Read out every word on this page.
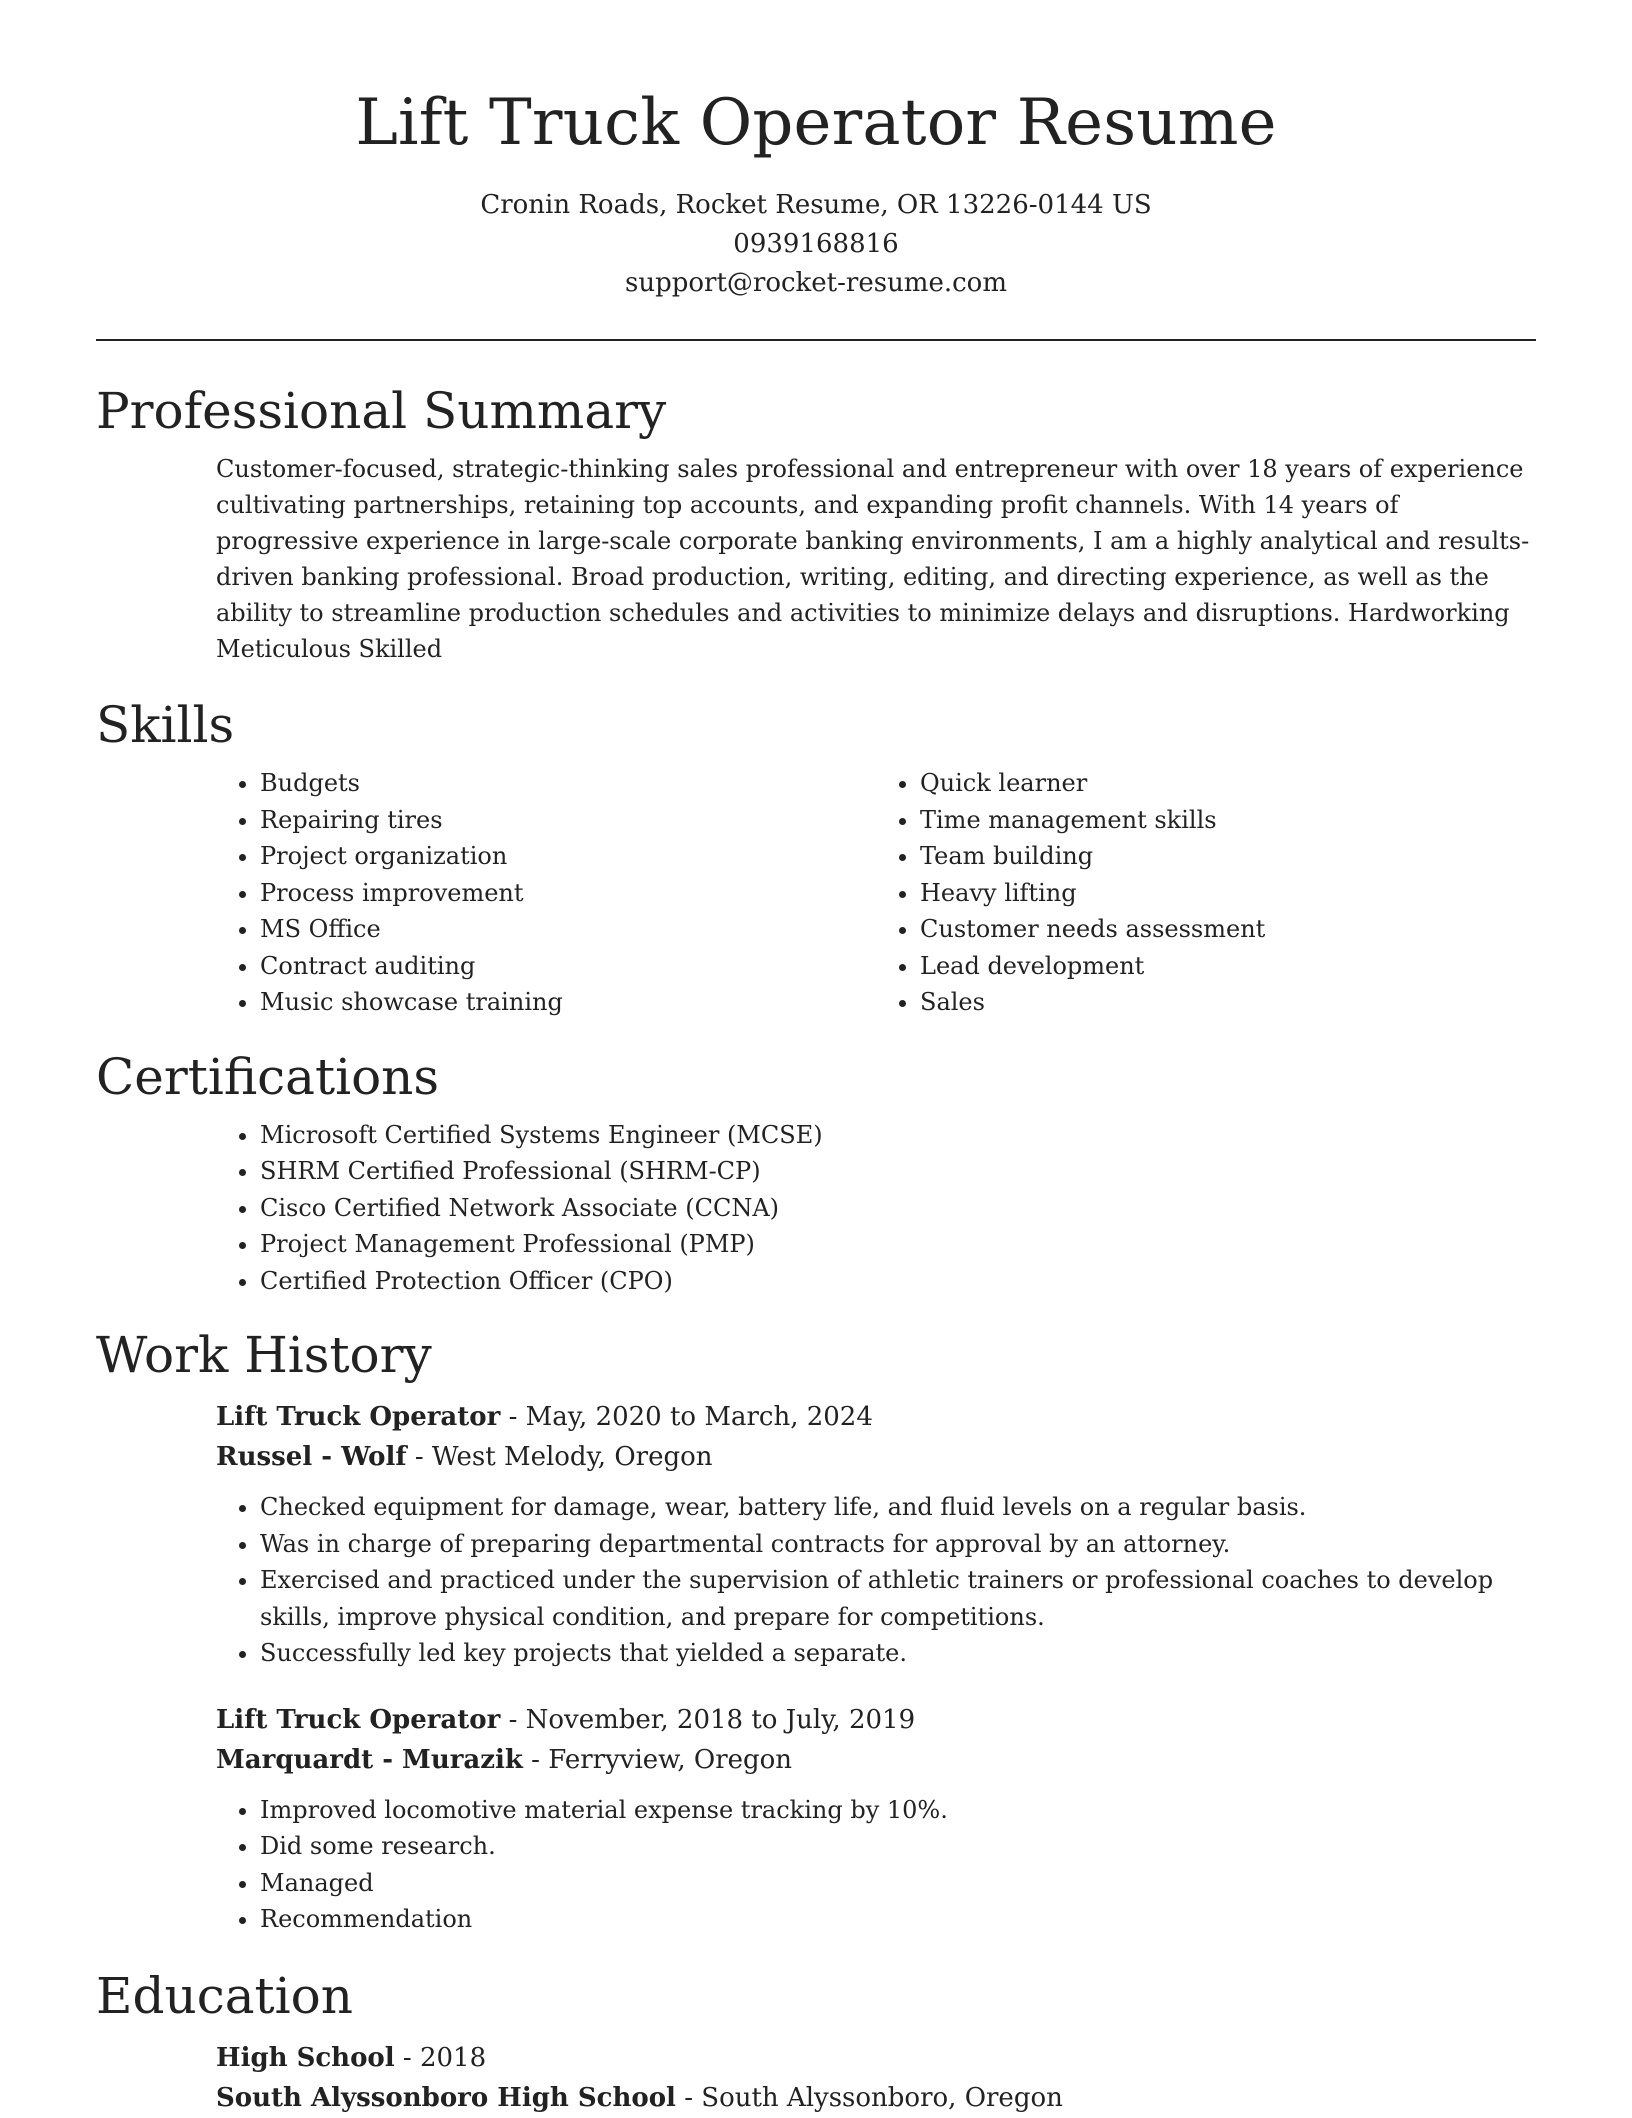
Lift Truck Operator Resume
Cronin Roads, Rocket Resume, OR 13226-0144 US
0939168816
support@rocket-resume.com
Professional Summary

Customer-focused, strategic-thinking sales professional and entrepreneur with over 18 years of experience cultivating partnerships, retaining top accounts, and expanding profit channels. With 14 years of progressive experience in large-scale corporate banking environments, I am a highly analytical and results-driven banking professional. Broad production, writing, editing, and directing experience, as well as the ability to streamline production schedules and activities to minimize delays and disruptions. Hardworking Meticulous Skilled

Skills
• Budgets
• Repairing tires
• Project organization
• Process improvement
• MS Office
• Contract auditing
• Music showcase training
• Quick learner
• Time management skills
• Team building
• Heavy lifting
• Customer needs assessment
• Lead development
• Sales
Certifications
• Microsoft Certified Systems Engineer (MCSE)
• SHRM Certified Professional (SHRM-CP)
• Cisco Certified Network Associate (CCNA)
• Project Management Professional (PMP)
• Certified Protection Officer (CPO)
Work History
Lift Truck Operator - May, 2020 to March, 2024
Russel - Wolf - West Melody, Oregon
• Checked equipment for damage, wear, battery life, and fluid levels on a regular basis.
• Was in charge of preparing departmental contracts for approval by an attorney.
• Exercised and practiced under the supervision of athletic trainers or professional coaches to develop skills, improve physical condition, and prepare for competitions.
• Successfully led key projects that yielded a separate.
Lift Truck Operator - November, 2018 to July, 2019
Marquardt - Murazik - Ferryview, Oregon
• Improved locomotive material expense tracking by 10%.
• Did some research.
• Managed
• Recommendation
Education
High School - 2018
South Alyssonboro High School - South Alyssonboro, Oregon
